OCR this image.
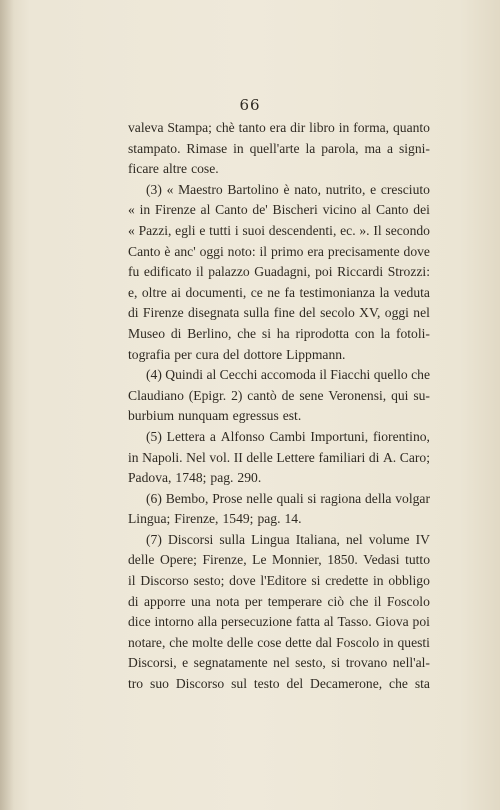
66
valeva Stampa; chè tanto era dir libro in forma, quanto
stampato. Rimase in quell'arte la parola, ma a signi-
ficare altre cose.
(3) « Maestro Bartolino è nato, nutrito, e cresciuto
« in Firenze al Canto de' Bischeri vicino al Canto dei
« Pazzi, egli e tutti i suoi descendenti, ec. ». Il secondo
Canto è anc' oggi noto: il primo era precisamente dove
fu edificato il palazzo Guadagni, poi Riccardi Strozzi:
e, oltre ai documenti, ce ne fa testimonianza la veduta
di Firenze disegnata sulla fine del secolo XV, oggi nel
Museo di Berlino, che si ha riprodotta con la fotoli-
tografia per cura del dottore Lippmann.
(4) Quindi al Cecchi accomoda il Fiacchi quello che
Claudiano (Epigr. 2) cantò de sene Veronensi, qui su-
burbium nunquam egressus est.
(5) Lettera a Alfonso Cambi Importuni, fiorentino,
in Napoli. Nel vol. II delle Lettere familiari di A. Caro;
Padova, 1748; pag. 290.
(6) Bembo, Prose nelle quali si ragiona della volgar
Lingua; Firenze, 1549; pag. 14.
(7) Discorsi sulla Lingua Italiana, nel volume IV
delle Opere; Firenze, Le Monnier, 1850. Vedasi tutto
il Discorso sesto; dove l'Editore si credette in obbligo
di apporre una nota per temperare ciò che il Foscolo
dice intorno alla persecuzione fatta al Tasso. Giova poi
notare, che molte delle cose dette dal Foscolo in questi
Discorsi, e segnatamente nel sesto, si trovano nell'al-
tro suo Discorso sul testo del Decamerone, che sta
